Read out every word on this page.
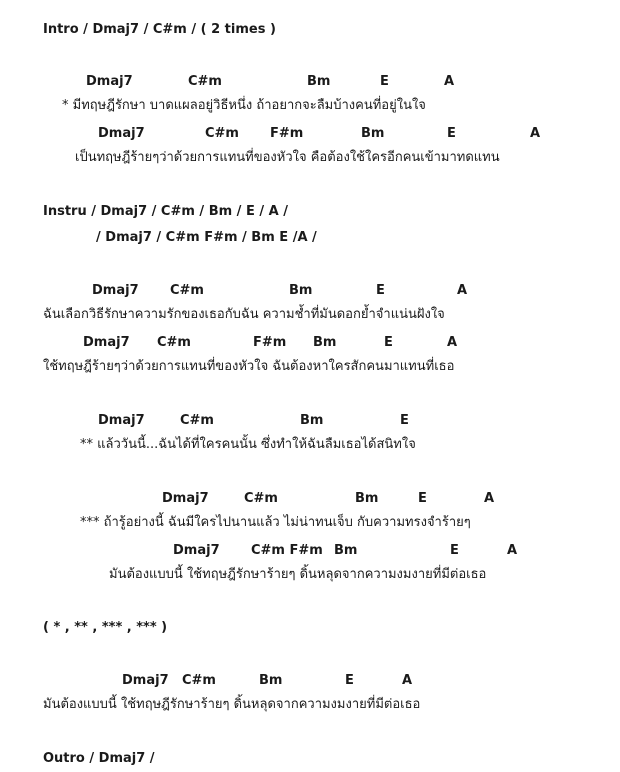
Intro / Dmaj7 / C#m / ( 2 times )
Dmaj7	C#m	Bm	E	A
* มีทฤษฎีรักษา บาดแผลอยู่วิธีหนึ่ง ถ้าอยากจะลืมบ้างคนที่อยู่ในใจ
Dmaj7	C#m F#m	Bm	E	A
เป็นทฤษฎีร้ายๆว่าด้วยการแทนที่ของหัวใจ คือต้องใช้ใครอีกคนเข้ามาทดแทน
Instru / Dmaj7 / C#m / Bm / E / A /
/ Dmaj7 / C#m F#m / Bm E /A /
Dmaj7 C#m	Bm	E	A
ฉันเลือกวิธีรักษาความรักของเธอกับฉัน ความช้ำที่มันดอกย้ำจำแน่นฝังใจ
Dmaj7 C#m	F#m Bm	E	A
ใช้ทฤษฎีร้ายๆว่าด้วยการแทนที่ของหัวใจ ฉันต้องหาใครสักคนมาแทนที่เธอ
Dmaj7	C#m	Bm	E
** แล้ววันนี้...ฉันได้ที่ใครคนนั้น ซึ่งทำให้ฉันลืมเธอได้สนิทใจ
Dmaj7	C#m	Bm	E	A
*** ถ้ารู้อย่างนี้ ฉันมีใครไปนานแล้ว ไม่น่าทนเจ็บ กับความทรงจำร้ายๆ
Dmaj7 C#m F#m Bm	E	A
มันต้องแบบนี้ ใช้ทฤษฎีรักษาร้ายๆ ดิ้นหลุดจากความงมงายที่มีต่อเธอ
( * , ** , *** , *** )
Dmaj7 C#m	Bm	E	A
มันต้องแบบนี้ ใช้ทฤษฎีรักษาร้ายๆ ดิ้นหลุดจากความงมงายที่มีต่อเธอ
Outro / Dmaj7 /
